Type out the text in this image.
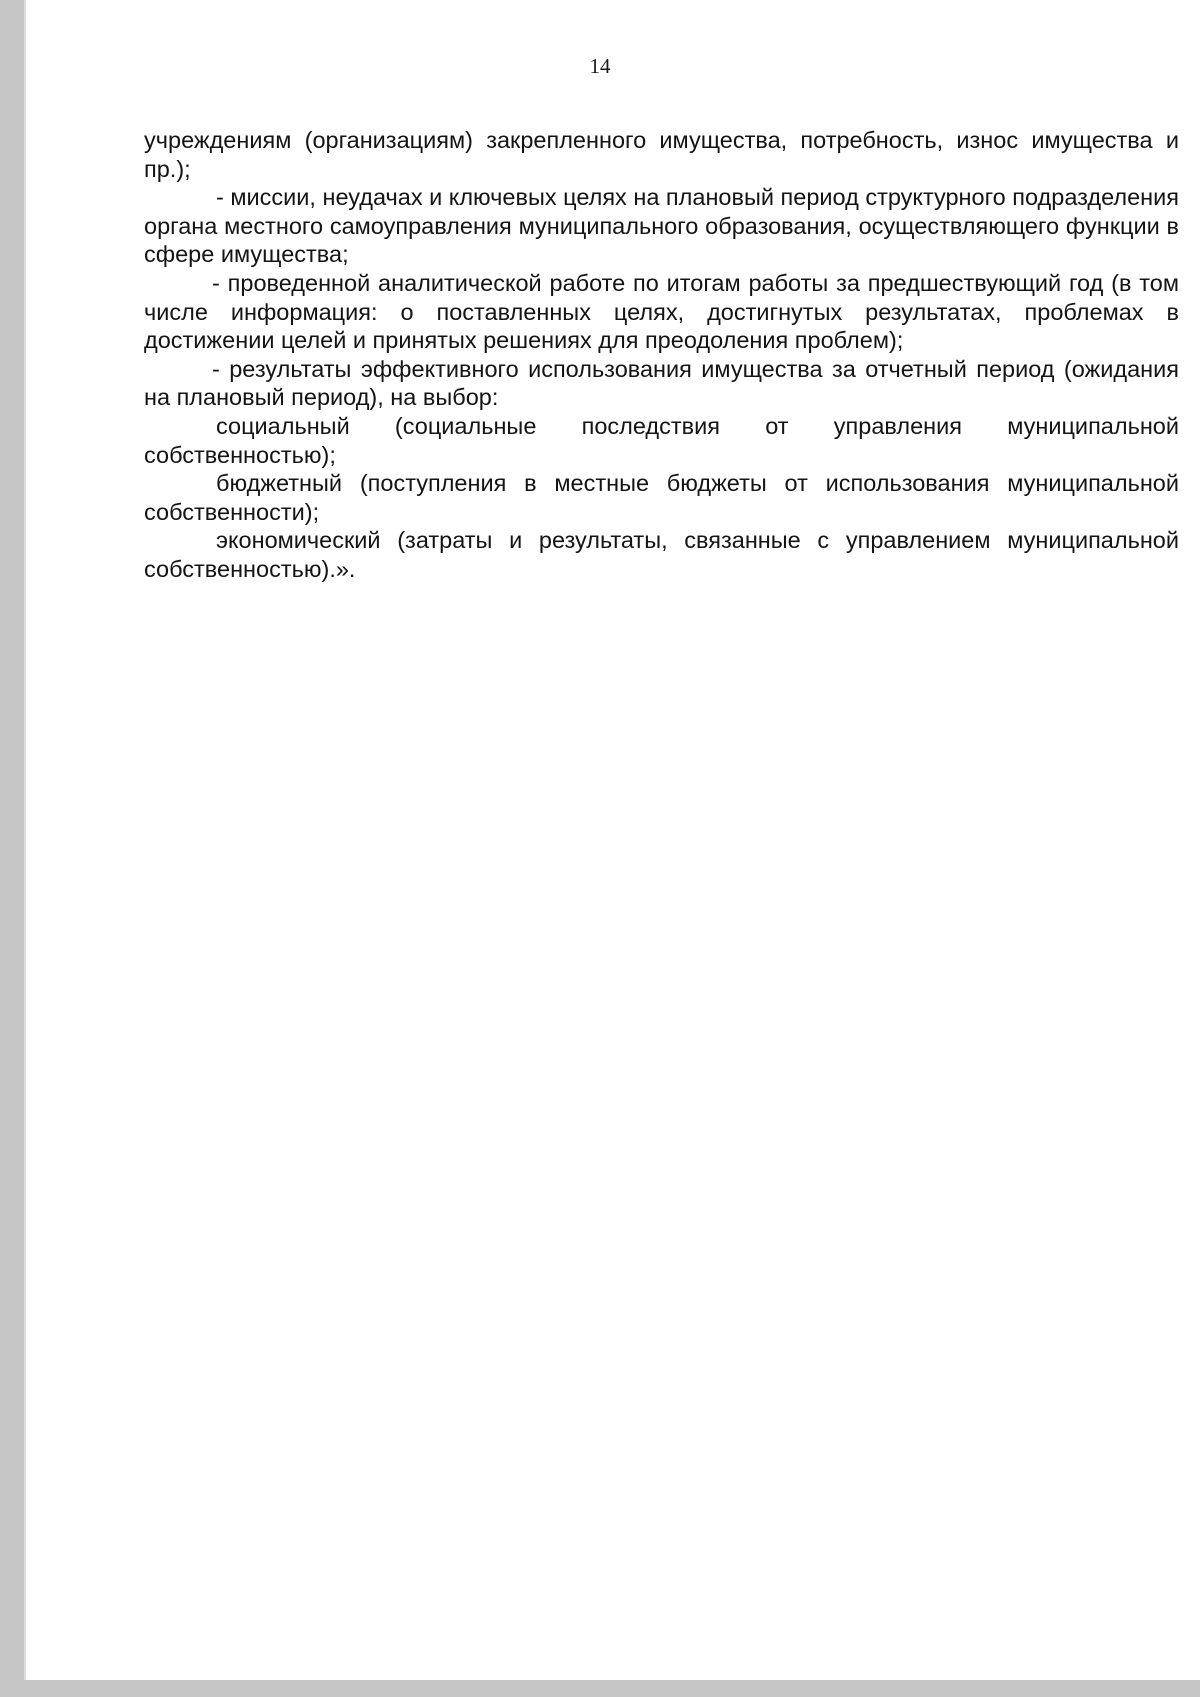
14

учреждениям (организациям) закрепленного имущества, потребность, износ имущества и пр.);

- миссии, неудачах и ключевых целях на плановый период структурного подразделения органа местного самоуправления муниципального образования, осуществляющего функции в сфере имущества;

- проведенной аналитической работе по итогам работы за предшествующий год (в том числе информация: о поставленных целях, достигнутых результатах, проблемах в достижении целей и принятых решениях для преодоления проблем);

- результаты эффективного использования имущества за отчетный период (ожидания на плановый период), на выбор:

социальный (социальные последствия от управления муниципальной собственностью);

бюджетный (поступления в местные бюджеты от использования муниципальной собственности);

экономический (затраты и результаты, связанные с управлением муниципальной собственностью).».
